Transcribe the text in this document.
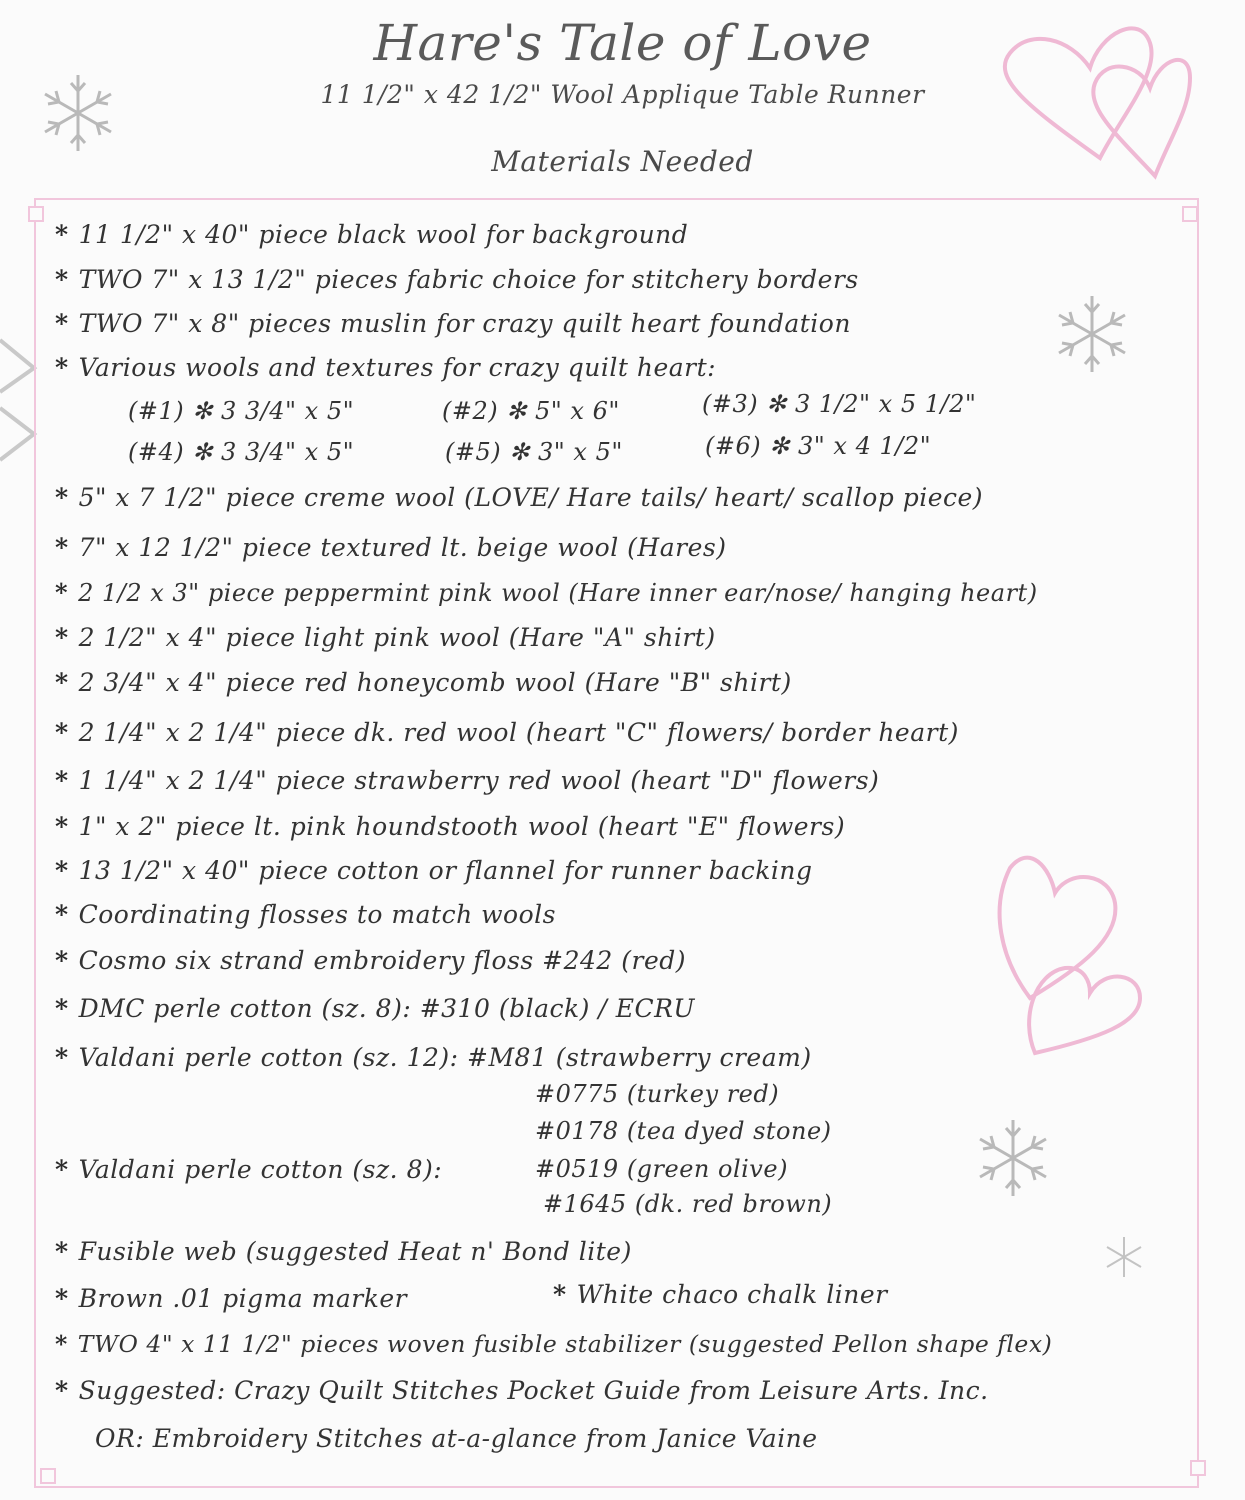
Hare's Tale of Love
11 1/2" x 42 1/2" Wool Applique Table Runner
Materials Needed
* 11 1/2" x 40" piece black wool for background
* TWO 7" x 13 1/2" pieces fabric choice for stitchery borders
* TWO 7" x 8" pieces muslin for crazy quilt heart foundation
* Various wools and textures for crazy quilt heart:
(#1) ✻ 3 3/4" x 5"	(#2) ✻ 5" x 6"	(#3) ✻ 3 1/2" x 5 1/2"
(#4) ✻ 3 3/4" x 5"	(#5) ✻ 3" x 5"	(#6) ✻ 3" x 4 1/2"
* 5" x 7 1/2" piece creme wool (LOVE/ Hare tails/ heart/ scallop piece)
* 7" x 12 1/2" piece textured lt. beige wool (Hares)
* 2 1/2 x 3" piece peppermint pink wool (Hare inner ear/nose/ hanging heart)
* 2 1/2" x 4" piece light pink wool (Hare "A" shirt)
* 2 3/4" x 4" piece red honeycomb wool (Hare "B" shirt)
* 2 1/4" x 2 1/4" piece dk. red wool (heart "C" flowers/ border heart)
* 1 1/4" x 2 1/4" piece strawberry red wool (heart "D" flowers)
* 1" x 2" piece lt. pink houndstooth wool (heart "E" flowers)
* 13 1/2" x 40" piece cotton or flannel for runner backing
* Coordinating flosses to match wools
* Cosmo six strand embroidery floss #242 (red)
* DMC perle cotton (sz. 8): #310 (black) / ECRU
* Valdani perle cotton (sz. 12): #M81 (strawberry cream)
#0775 (turkey red)
#0178 (tea dyed stone)
* Valdani perle cotton (sz. 8):	#0519 (green olive)
#1645 (dk. red brown)
* Fusible web (suggested Heat n' Bond lite)
* Brown .01 pigma marker	* White chaco chalk liner
* TWO 4" x 11 1/2" pieces woven fusible stabilizer (suggested Pellon shape flex)
* Suggested: Crazy Quilt Stitches Pocket Guide from Leisure Arts. Inc.
OR: Embroidery Stitches at-a-glance from Janice Vaine
